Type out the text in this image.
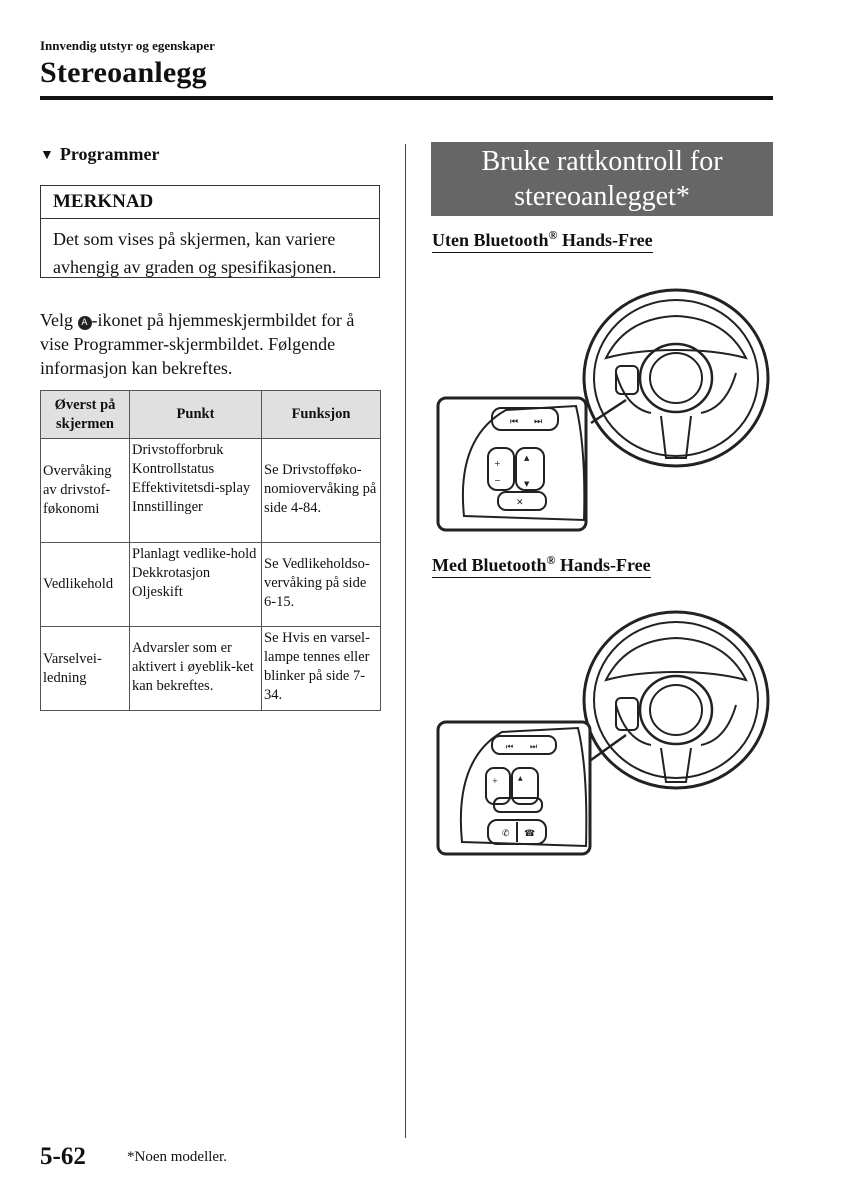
Innvendig utstyr og egenskaper
Stereoanlegg
▼ Programmer
MERKNAD
Det som vises på skjermen, kan variere avhengig av graden og spesifikasjonen.
Velg A -ikonet på hjemmeskjermbildet for å vise Programmer-skjermbildet. Følgende informasjon kan bekreftes.
Øverst på skjermen	Punkt	Funksjon
Overvåking av drivstof-føkonomi	Drivstofforbruk
Kontrollstatus
Effektivitetsdi-splay
Innstillinger	Se Drivstofføko-nomiovervåking på side 4-84.
Vedlikehold	Planlagt vedlike-hold
Dekkrotasjon
Oljeskift	Se Vedlikeholdso-vervåking på side 6-15.
Varselvei-ledning	Advarsler som er aktivert i øyeblik-ket kan bekreftes.	Se Hvis en varsel-lampe tennes eller blinker på side 7-34.
Bruke rattkontroll for
stereoanlegget*
Uten Bluetooth® Hands-Free
⏮ ⏭
+
−
▲
▼
✕
Med Bluetooth® Hands-Free
⏮ ⏭
+	▲
✆ ☎
5-62	*Noen modeller.
